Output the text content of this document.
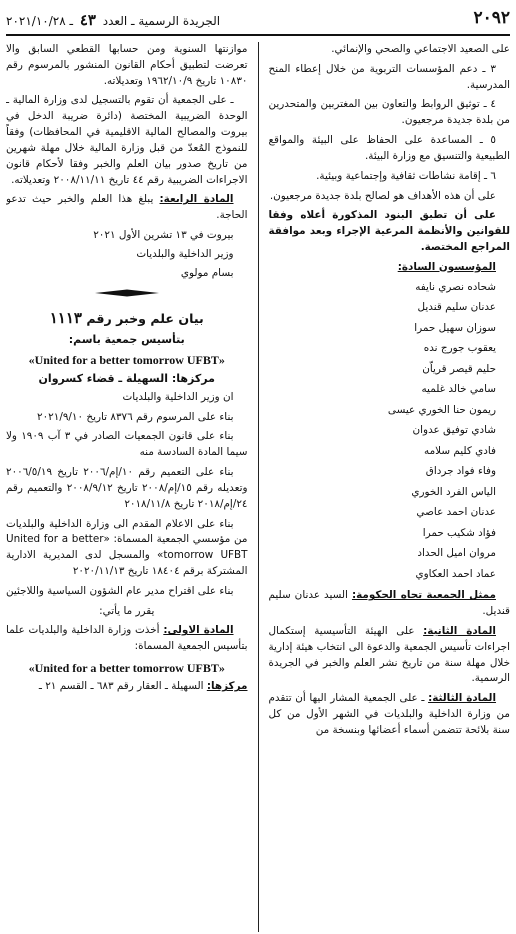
٢٠٩٢
الجريدة الرسمية ـ العدد ٤٣ ـ ٢٠٢١/١٠/٢٨

على الصعيد الاجتماعي والصحي والإنمائي.

٣ ـ دعم المؤسسات التربوية من خلال إعطاء المنح المدرسية.

٤ ـ توثيق الروابط والتعاون بين المغتربين والمتحدرين من بلدة جديدة مرجعيون.

٥ ـ المساعدة على الحفاظ على البيئة والمواقع الطبيعية والتنسيق مع وزارة البيئة.

٦ ـ إقامة نشاطات ثقافية وإجتماعية وبيئية.

على أن هذه الأهداف هو لصالح بلدة جديدة مرجعيون.

على أن تطبق البنود المذكورة أعلاه وفقا للقوانين والأنظمة المرعية الإجراء وبعد موافقة المراجع المختصة.

المؤسسون السادة:

شحاده نصري نايفه
عدنان سليم قنديل
سوزان سهيل حمرا
يعقوب جورج نده
حليم قيصر قرياّن
سامي خالد غلميه
ريمون حنا الخوري عيسى
شادي توفيق عدوان
فادي كليم سلامه
وفاء فواد جرداق
الياس الفرد الخوري
عدنان احمد عاصي
فؤاد شكيب حمرا
مروان اميل الحداد
عماد احمد العكاوي

ممثل الجمعية تجاه الحكومة: السيد عدنان سليم قنديل.

المادة الثانية: على الهيئة التأسيسية إستكمال اجراءات تأسيس الجمعية والدعوة الى انتخاب هيئة إدارية خلال مهلة سنة من تاريخ نشر العلم والخبر في الجريدة الرسمية.

المادة الثالثة: ـ على الجمعية المشار اليها أن تتقدم من وزارة الداخلية والبلديات في الشهر الأول من كل سنة بلائحة تتضمن أسماء أعضائها وبنسخة من

موازنتها السنوية ومن حسابها القطعي السابق والا تعرضت لتطبيق أحكام القانون المنشور بالمرسوم رقم ١٠٨٣٠ تاريخ ١٩٦٢/١٠/٩ وتعديلاته.

ـ على الجمعية أن تقوم بالتسجيل لدى وزارة المالية ـ الوحدة الضريبية المختصة (دائرة ضريبة الدخل في بيروت والمصالح المالية الاقليمية في المحافظات) وفقاً للنموذج المُعدّ من قبل وزارة المالية خلال مهلة شهرين من تاريخ صدور بيان العلم والخبر وفقا لأحكام قانون الاجراءات الضريبية رقم ٤٤ تاريخ ٢٠٠٨/١١/١١ وتعديلاته.

المادة الرابعة: يبلغ هذا العلم والخبر حيث تدعو الحاجة.

بيروت في ١٣ تشرين الأول ٢٠٢١

وزير الداخلية والبلديات

بسام مولوي

بيان علم وخبر رقم ١١١٣

بتأسيس جمعية باسم:

«United for a better tomorrow UFBT»

مركزها: السهيلة ـ قضاء كسروان

ان وزير الداخلية والبلديات

بناء على المرسوم رقم ٨٣٧٦ تاريخ ٢٠٢١/٩/١٠

بناء على قانون الجمعيات الصادر في ٣ آب ١٩٠٩ ولا سيما المادة السادسة منه

بناء على التعميم رقم ١٠/إم/٢٠٠٦ تاريخ ٢٠٠٦/٥/١٩ وتعديله رقم ١٥/إم/٢٠٠٨ تاريخ ٢٠٠٨/٩/١٢ والتعميم رقم ٢٤/إم/٢٠١٨ تاريخ ٢٠١٨/١١/٨

بناء على الاعلام المقدم الى وزارة الداخلية والبلديات من مؤسسي الجمعية المسماة: «United for a better tomorrow UFBT» والمسجل لدى المديرية الادارية المشتركة برقم ١٨٤٠٤ تاريخ ٢٠٢٠/١١/١٣

بناء على اقتراح مدير عام الشؤون السياسية واللاجئين

يقرر ما يأتي:

المادة الاولى: أخذت وزارة الداخلية والبلديات علما بتأسيس الجمعية المسماة:

«United for a better tomorrow UFBT»

مركزها: السهيلة ـ العقار رقم ٦٨٣ ـ القسم ٢١ ـ
